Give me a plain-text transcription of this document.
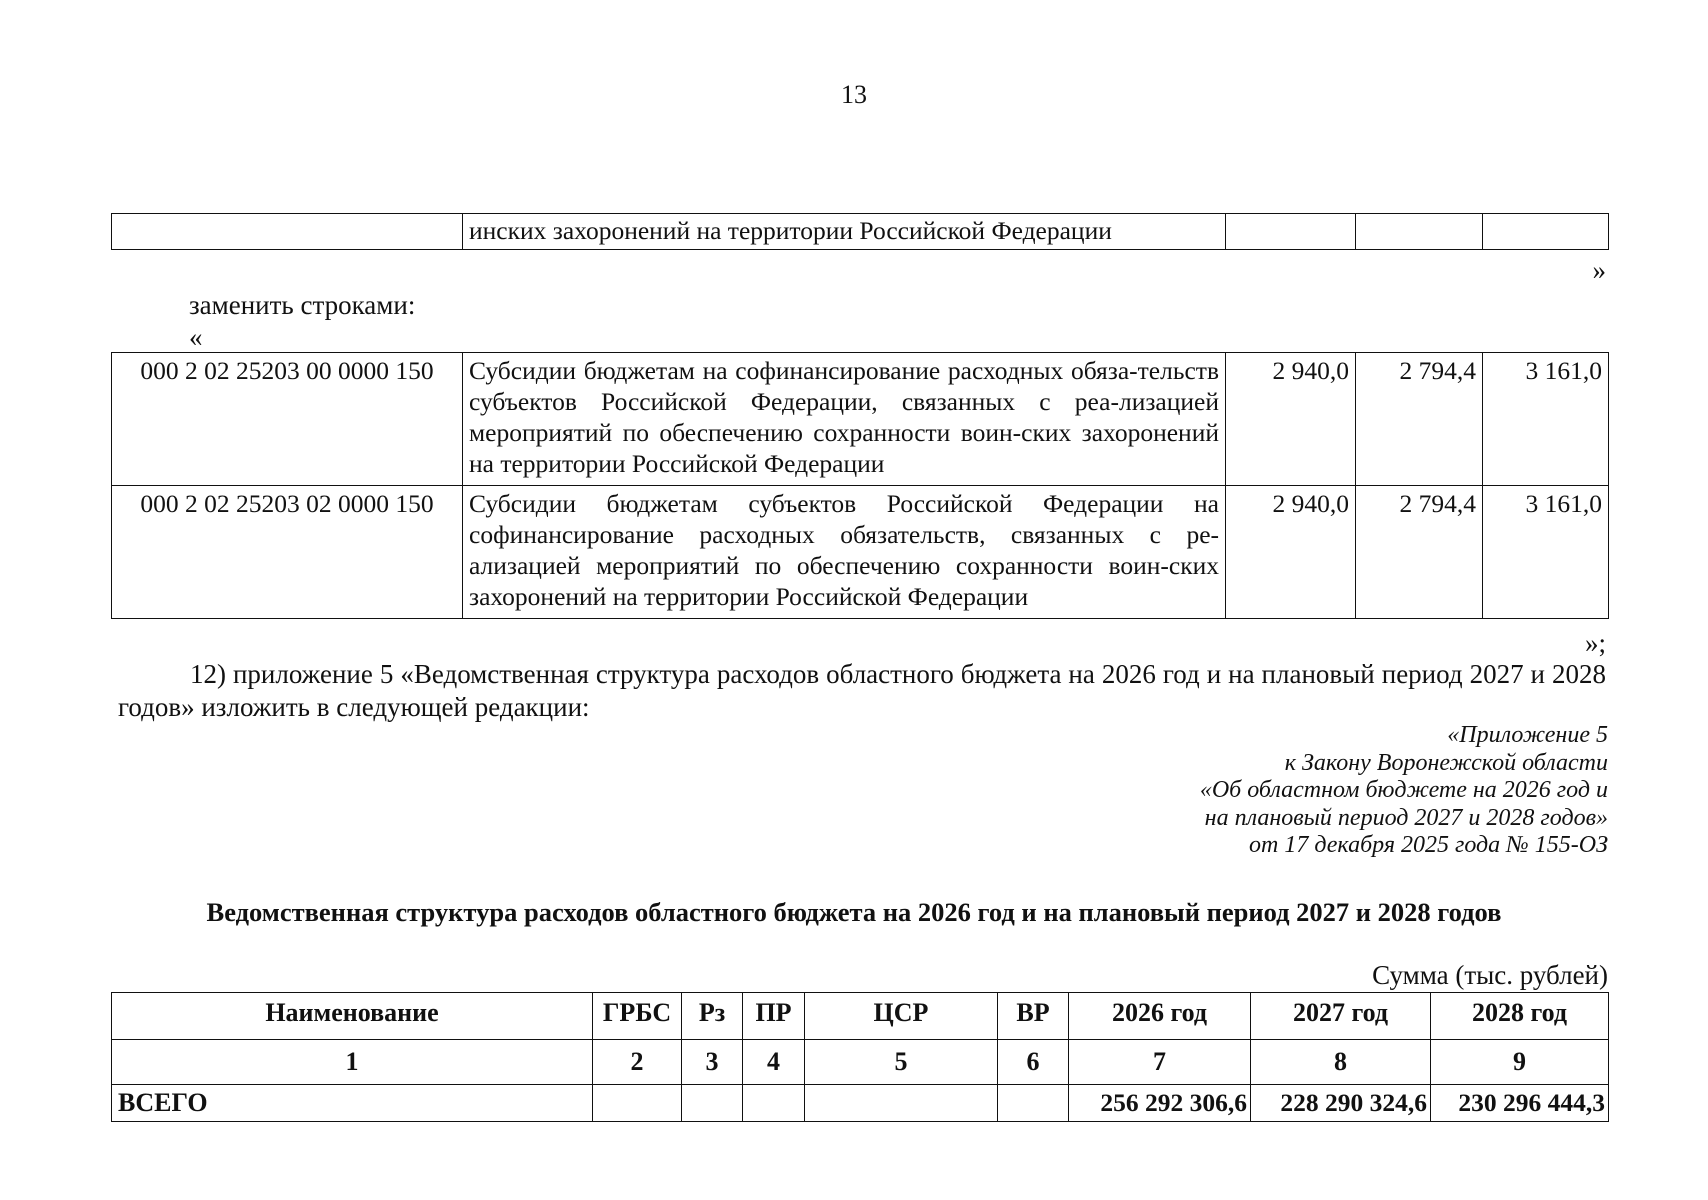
13
	инских захоронений на территории Российской Федерации			
»
заменить строками:
«
000 2 02 25203 00 0000 150	Субсидии бюджетам на софинансирование расходных обяза-тельств субъектов Российской Федерации, связанных с реа-лизацией мероприятий по обеспечению сохранности воин-ских захоронений на территории Российской Федерации	2 940,0	2 794,4	3 161,0
000 2 02 25203 02 0000 150	Субсидии бюджетам субъектов Российской Федерации на софинансирование расходных обязательств, связанных с ре-ализацией мероприятий по обеспечению сохранности воин-ских захоронений на территории Российской Федерации	2 940,0	2 794,4	3 161,0
»;
12) приложение 5 «Ведомственная структура расходов областного бюджета на 2026 год и на плановый период 2027 и 2028 годов» изложить в следующей редакции:
«Приложение 5
к Закону Воронежской области
«Об областном бюджете на 2026 год и
на плановый период 2027 и 2028 годов»
от 17 декабря 2025 года № 155-ОЗ
Ведомственная структура расходов областного бюджета на 2026 год и на плановый период 2027 и 2028 годов
Сумма (тыс. рублей)
Наименование	ГРБС	Рз	ПР	ЦСР	ВР	2026 год	2027 год	2028 год
1	2	3	4	5	6	7	8	9
ВСЕГО						256 292 306,6	228 290 324,6	230 296 444,3
